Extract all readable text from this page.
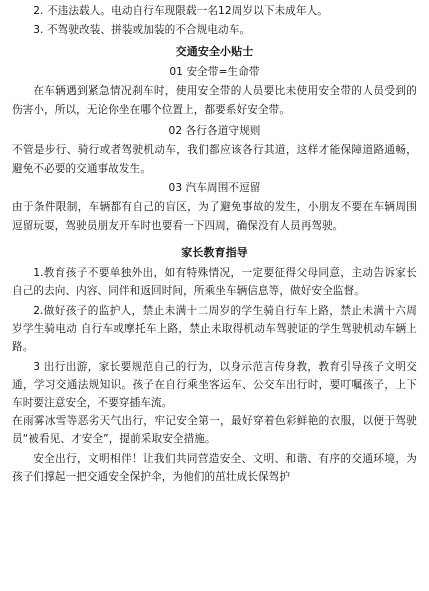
2. 不违法载人。电动自行车现限载一名12周岁以下未成年人。

3. 不驾驶改装、拼装或加装的不合规电动车。

交通安全小贴士

01 安全带=生命带

在车辆遇到紧急情况刹车时，使用安全带的人员要比未使用安全带的人员受到的伤害小，所以，无论你坐在哪个位置上，都要系好安全带。

02 各行各道守规则

不管是步行、骑行或者驾驶机动车，我们都应该各行其道，这样才能保障道路通畅，避免不必要的交通事故发生。

03 汽车周围不逗留

由于条件限制，车辆都有自己的盲区，为了避免事故的发生，小朋友不要在车辆周围逗留玩耍，驾驶员朋友开车时也要看一下四周，确保没有人员再驾驶。

家长教育指导

1.教育孩子不要单独外出，如有特殊情况，一定要征得父母同意，主动告诉家长自己的去向、内容、同伴和返回时间，所乘坐车辆信息等，做好安全监督。

2.做好孩子的监护人，禁止未满十二周岁的学生骑自行车上路，禁止未满十六周岁学生骑电动 自行车或摩托车上路，禁止未取得机动车驾驶证的学生驾驶机动车辆上路。

3 出行出游，家长要规范自己的行为，以身示范言传身教，教育引导孩子文明交通，学习交通法规知识。孩子在自行乘坐客运车、公交车出行时，要叮嘱孩子，上下车时要注意安全，不要穿插车流。

在雨雾冰雪等恶劣天气出行，牢记安全第一，最好穿着色彩鲜艳的衣服，以便于驾驶员“被看见、才安全”，提前采取安全措施。

安全出行，文明相伴！让我们共同营造安全、文明、和谐、有序的交通环境，为孩子们撑起一把交通安全保护伞，为他们的茁壮成长保驾护
